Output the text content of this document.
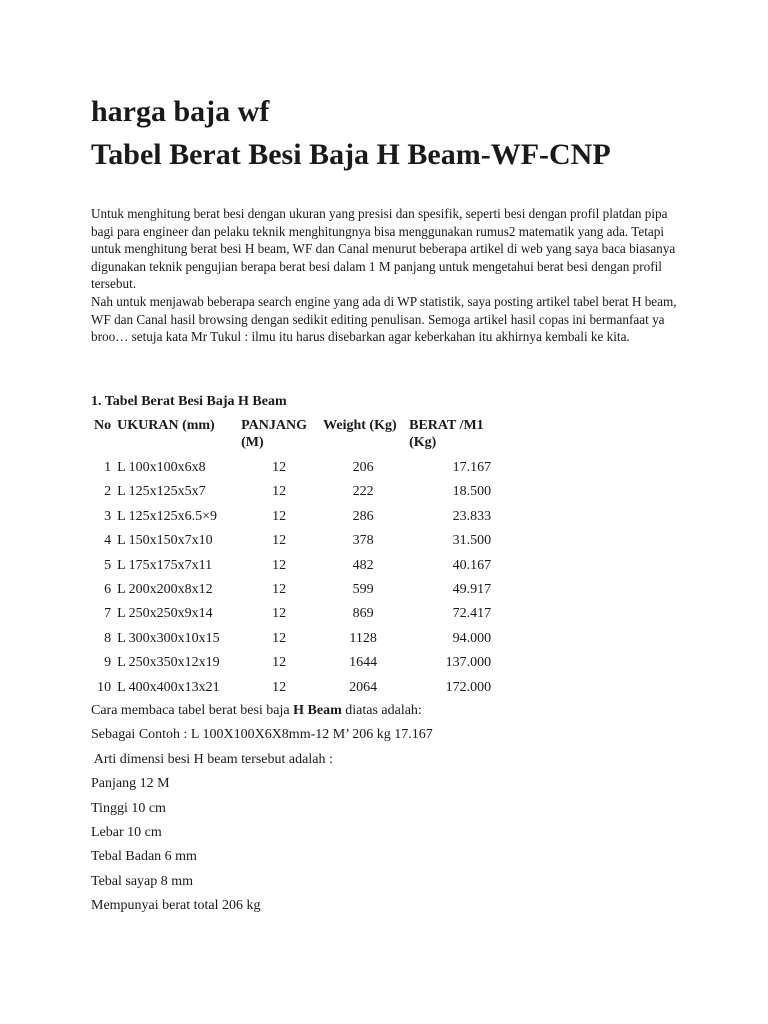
harga baja wf
Tabel Berat Besi Baja H Beam-WF-CNP

Untuk menghitung berat besi dengan ukuran yang presisi dan spesifik, seperti besi dengan profil platdan pipa bagi para engineer dan pelaku teknik menghitungnya bisa menggunakan rumus2 matematik yang ada. Tetapi untuk menghitung berat besi H beam, WF dan Canal menurut beberapa artikel di web yang saya baca biasanya digunakan teknik pengujian berapa berat besi dalam 1 M panjang untuk mengetahui berat besi dengan profil tersebut.

Nah untuk menjawab beberapa search engine yang ada di WP statistik, saya posting artikel tabel berat H beam, WF dan Canal hasil browsing dengan sedikit editing penulisan. Semoga artikel hasil copas ini bermanfaat ya broo… setuja kata Mr Tukul : ilmu itu harus disebarkan agar keberkahan itu akhirnya kembali ke kita.

1. Tabel Berat Besi Baja H Beam
No	UKURAN (mm)	PANJANG (M)	Weight (Kg)	BERAT /M1 (Kg)
1	L 100x100x6x8	12	206	17.167
2	L 125x125x5x7	12	222	18.500
3	L 125x125x6.5×9	12	286	23.833
4	L 150x150x7x10	12	378	31.500
5	L 175x175x7x11	12	482	40.167
6	L 200x200x8x12	12	599	49.917
7	L 250x250x9x14	12	869	72.417
8	L 300x300x10x15	12	1128	94.000
9	L 250x350x12x19	12	1644	137.000
10	L 400x400x13x21	12	2064	172.000

Cara membaca tabel berat besi baja H Beam diatas adalah:

Sebagai Contoh : L 100X100X6X8mm-12 M’ 206 kg 17.167

Arti dimensi besi H beam tersebut adalah :

Panjang 12 M

Tinggi 10 cm

Lebar 10 cm

Tebal Badan 6 mm

Tebal sayap 8 mm

Mempunyai berat total 206 kg
